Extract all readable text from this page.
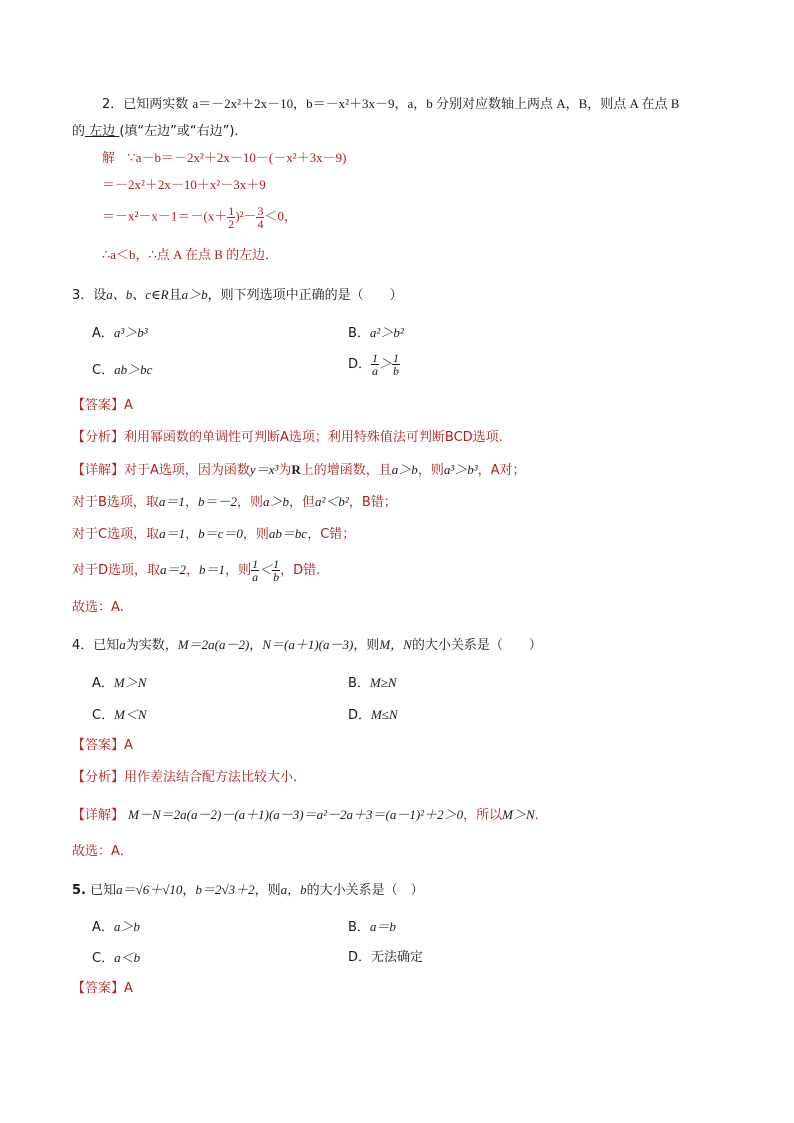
2．已知两实数 a＝－2x²＋2x－10，b＝－x²＋3x－9，a，b 分别对应数轴上两点 A，B，则点 A 在点 B
的 左边 (填“左边”或“右边”)．
解 ∵a－b＝－2x²＋2x－10－(－x²＋3x－9)
＝－2x²＋2x－10＋x²－3x＋9
$=-x^2-x-1=-(x+ \frac{1}{2} )^2- \frac{3}{4} <0$，
∴a＜b，∴点 A 在点 B 的左边．
3．设a、b、c∈R且a＞b，则下列选项中正确的是（　　）
A．a³＞b³	B．a²＞b²
C．ab＞bc	D． $\frac{1}{a} > \frac{1}{b}$
【答案】A
【分析】利用幂函数的单调性可判断A选项；利用特殊值法可判断BCD选项.
【详解】对于A选项，因为函数y＝x³为R上的增函数，且a＞b，则a³＞b³，A对；
对于B选项，取a＝1，b＝－2，则a＞b，但a²＜b²，B错；
对于C选项，取a＝1，b＝c＝0，则ab＝bc，C错；
对于D选项，取a＝2，b＝1，则 $\frac{1}{a} < \frac{1}{b}$ ，D错.
故选：A.
4．已知a为实数，M＝2a(a－2)，N＝(a＋1)(a－3)，则M，N的大小关系是（　　）
A．M＞N	B．M≥N
C．M＜N	D．M≤N
【答案】A
【分析】用作差法结合配方法比较大小．
【详解】 M－N＝2a(a－2)－(a＋1)(a－3)＝a²－2a＋3＝(a－1)²＋2＞0，所以M＞N．
故选：A．
5. 已知a＝√6＋√10，b＝2√3＋2，则a，b的大小关系是（　）
A．a＞b	B．a＝b
C．a＜b	D．无法确定
【答案】A
